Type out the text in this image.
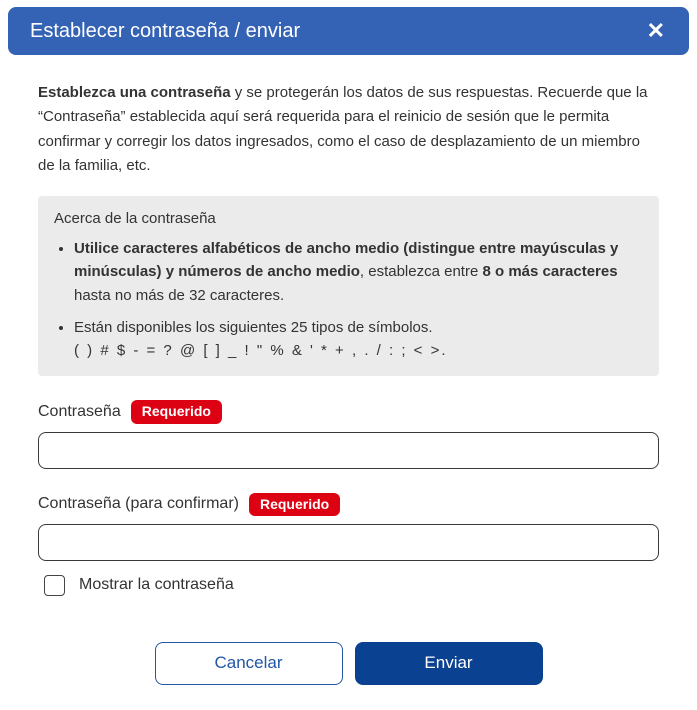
Establecer contraseña / enviar	✕

Establezca una contraseña y se protegerán los datos de sus respuestas. Recuerde que la “Contraseña” establecida aquí será requerida para el reinicio de sesión que le permita confirmar y corregir los datos ingresados, como el caso de desplazamiento de un miembro de la familia, etc.

Acerca de la contraseña

• Utilice caracteres alfabéticos de ancho medio (distingue entre mayúsculas y minúsculas) y números de ancho medio, establezca entre 8 o más caracteres hasta no más de 32 caracteres.
• Están disponibles los siguientes 25 tipos de símbolos.
( ) # $ - = ? @ [ ] _ ! " % & ' * + , . / : ; < >.
Contraseña	Requerido
Contraseña (para confirmar)	Requerido
Mostrar la contraseña
Cancelar	Enviar
